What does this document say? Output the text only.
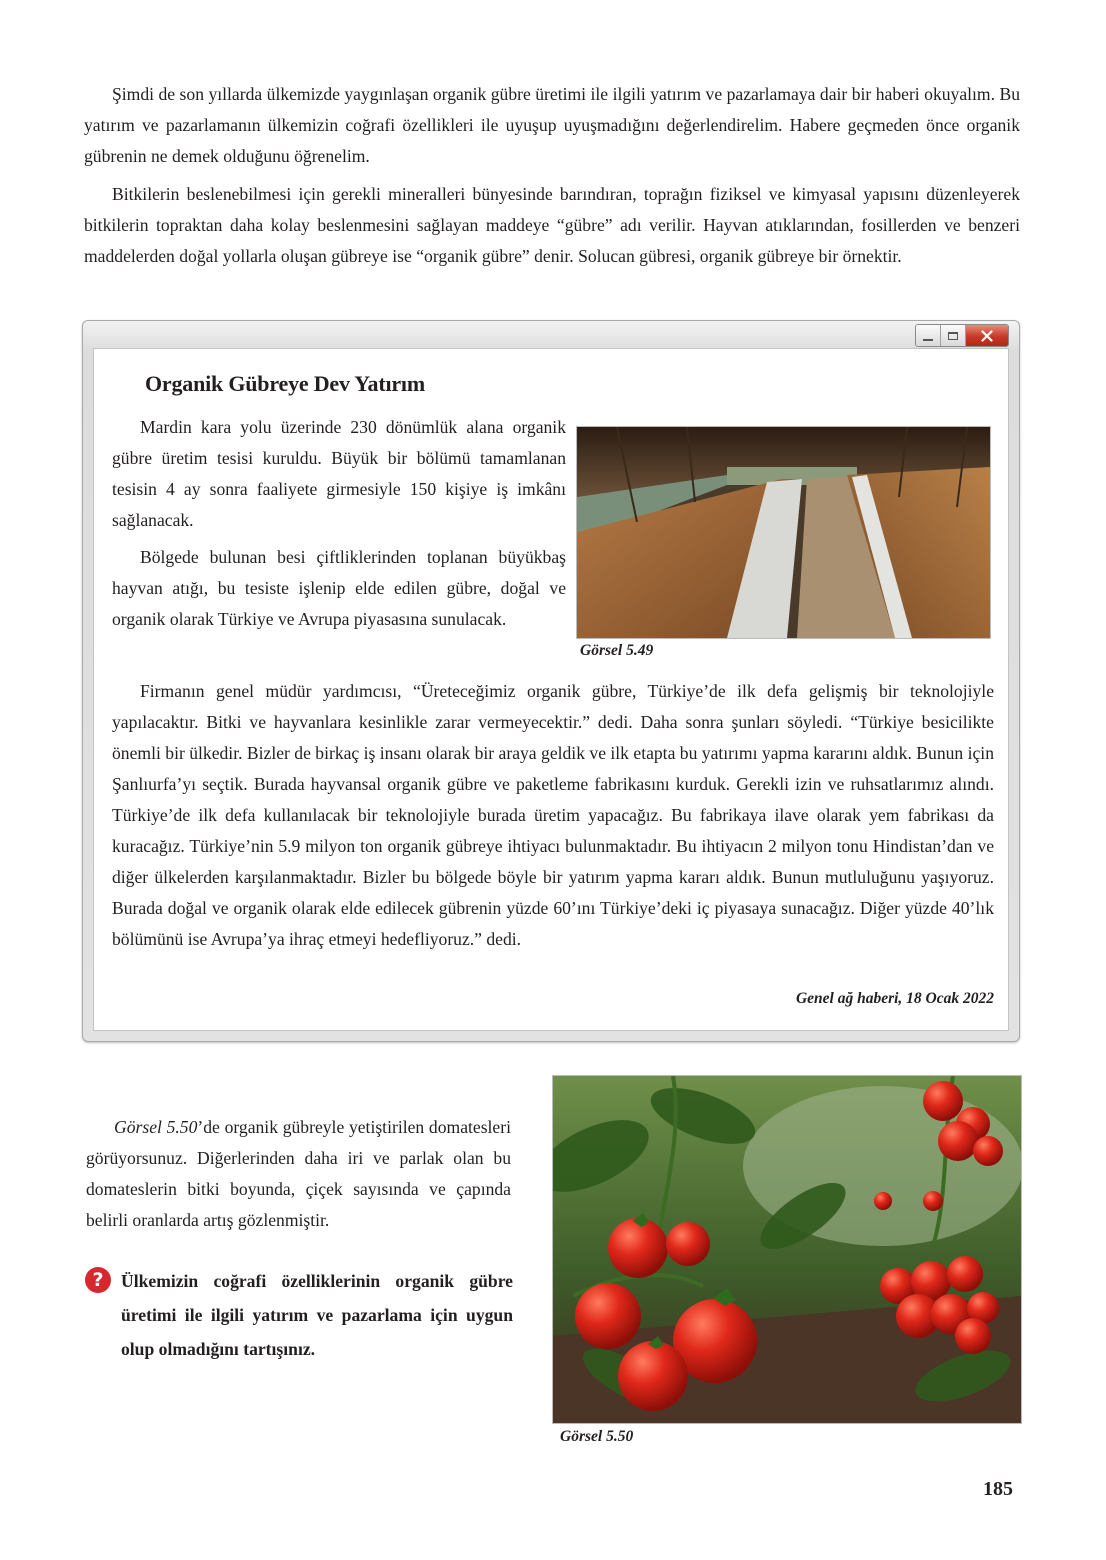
Şimdi de son yıllarda ülkemizde yaygınlaşan organik gübre üretimi ile ilgili yatırım ve pazarlamaya dair bir haberi okuyalım. Bu yatırım ve pazarlamanın ülkemizin coğrafi özellikleri ile uyuşup uyuşmadığını değerlendirelim. Habere geçmeden önce organik gübrenin ne demek olduğunu öğrenelim.

Bitkilerin beslenebilmesi için gerekli mineralleri bünyesinde barındıran, toprağın fiziksel ve kimyasal yapısını düzenleyerek bitkilerin topraktan daha kolay beslenmesini sağlayan maddeye “gübre” adı verilir. Hayvan atıklarından, fosillerden ve benzeri maddelerden doğal yollarla oluşan gübreye ise “organik gübre” denir. Solucan gübresi, organik gübreye bir örnektir.

Organik Gübreye Dev Yatırım

Mardin kara yolu üzerinde 230 dönümlük alana organik gübre üretim tesisi kuruldu. Büyük bir bölümü tamamlanan tesisin 4 ay sonra faaliyete girmesiyle 150 kişiye iş imkânı sağlanacak.

Bölgede bulunan besi çiftliklerinden toplanan büyükbaş hayvan atığı, bu tesiste işlenip elde edilen gübre, doğal ve organik olarak Türkiye ve Avrupa piyasasına sunulacak.

Görsel 5.49

Firmanın genel müdür yardımcısı, “Üreteceğimiz organik gübre, Türkiye’de ilk defa gelişmiş bir teknolojiyle yapılacaktır. Bitki ve hayvanlara kesinlikle zarar vermeyecektir.” dedi. Daha sonra şunları söyledi. “Türkiye besicilikte önemli bir ülkedir. Bizler de birkaç iş insanı olarak bir araya geldik ve ilk etapta bu yatırımı yapma kararını aldık. Bunun için Şanlıurfa’yı seçtik. Burada hayvansal organik gübre ve paketleme fabrikasını kurduk. Gerekli izin ve ruhsatlarımız alındı. Türkiye’de ilk defa kullanılacak bir teknolojiyle burada üretim yapacağız. Bu fabrikaya ilave olarak yem fabrikası da kuracağız. Türkiye’nin 5.9 milyon ton organik gübreye ihtiyacı bulunmaktadır. Bu ihtiyacın 2 milyon tonu Hindistan’dan ve diğer ülkelerden karşılanmaktadır. Bizler bu bölgede böyle bir yatırım yapma kararı aldık. Bunun mutluluğunu yaşıyoruz. Burada doğal ve organik olarak elde edilecek gübrenin yüzde 60’ını Türkiye’deki iç piyasaya sunacağız. Diğer yüzde 40’lık bölümünü ise Avrupa’ya ihraç etmeyi hedefliyoruz.” dedi.

Genel ağ haberi, 18 Ocak 2022

Görsel 5.50’de organik gübreyle yetiştirilen domatesleri görüyorsunuz. Diğerlerinden daha iri ve parlak olan bu domateslerin bitki boyunda, çiçek sayısında ve çapında belirli oranlarda artış gözlenmiştir.

Görsel 5.50

? Ülkemizin coğrafi özelliklerinin organik gübre üretimi ile ilgili yatırım ve pazarlama için uygun olup olmadığını tartışınız.

185
